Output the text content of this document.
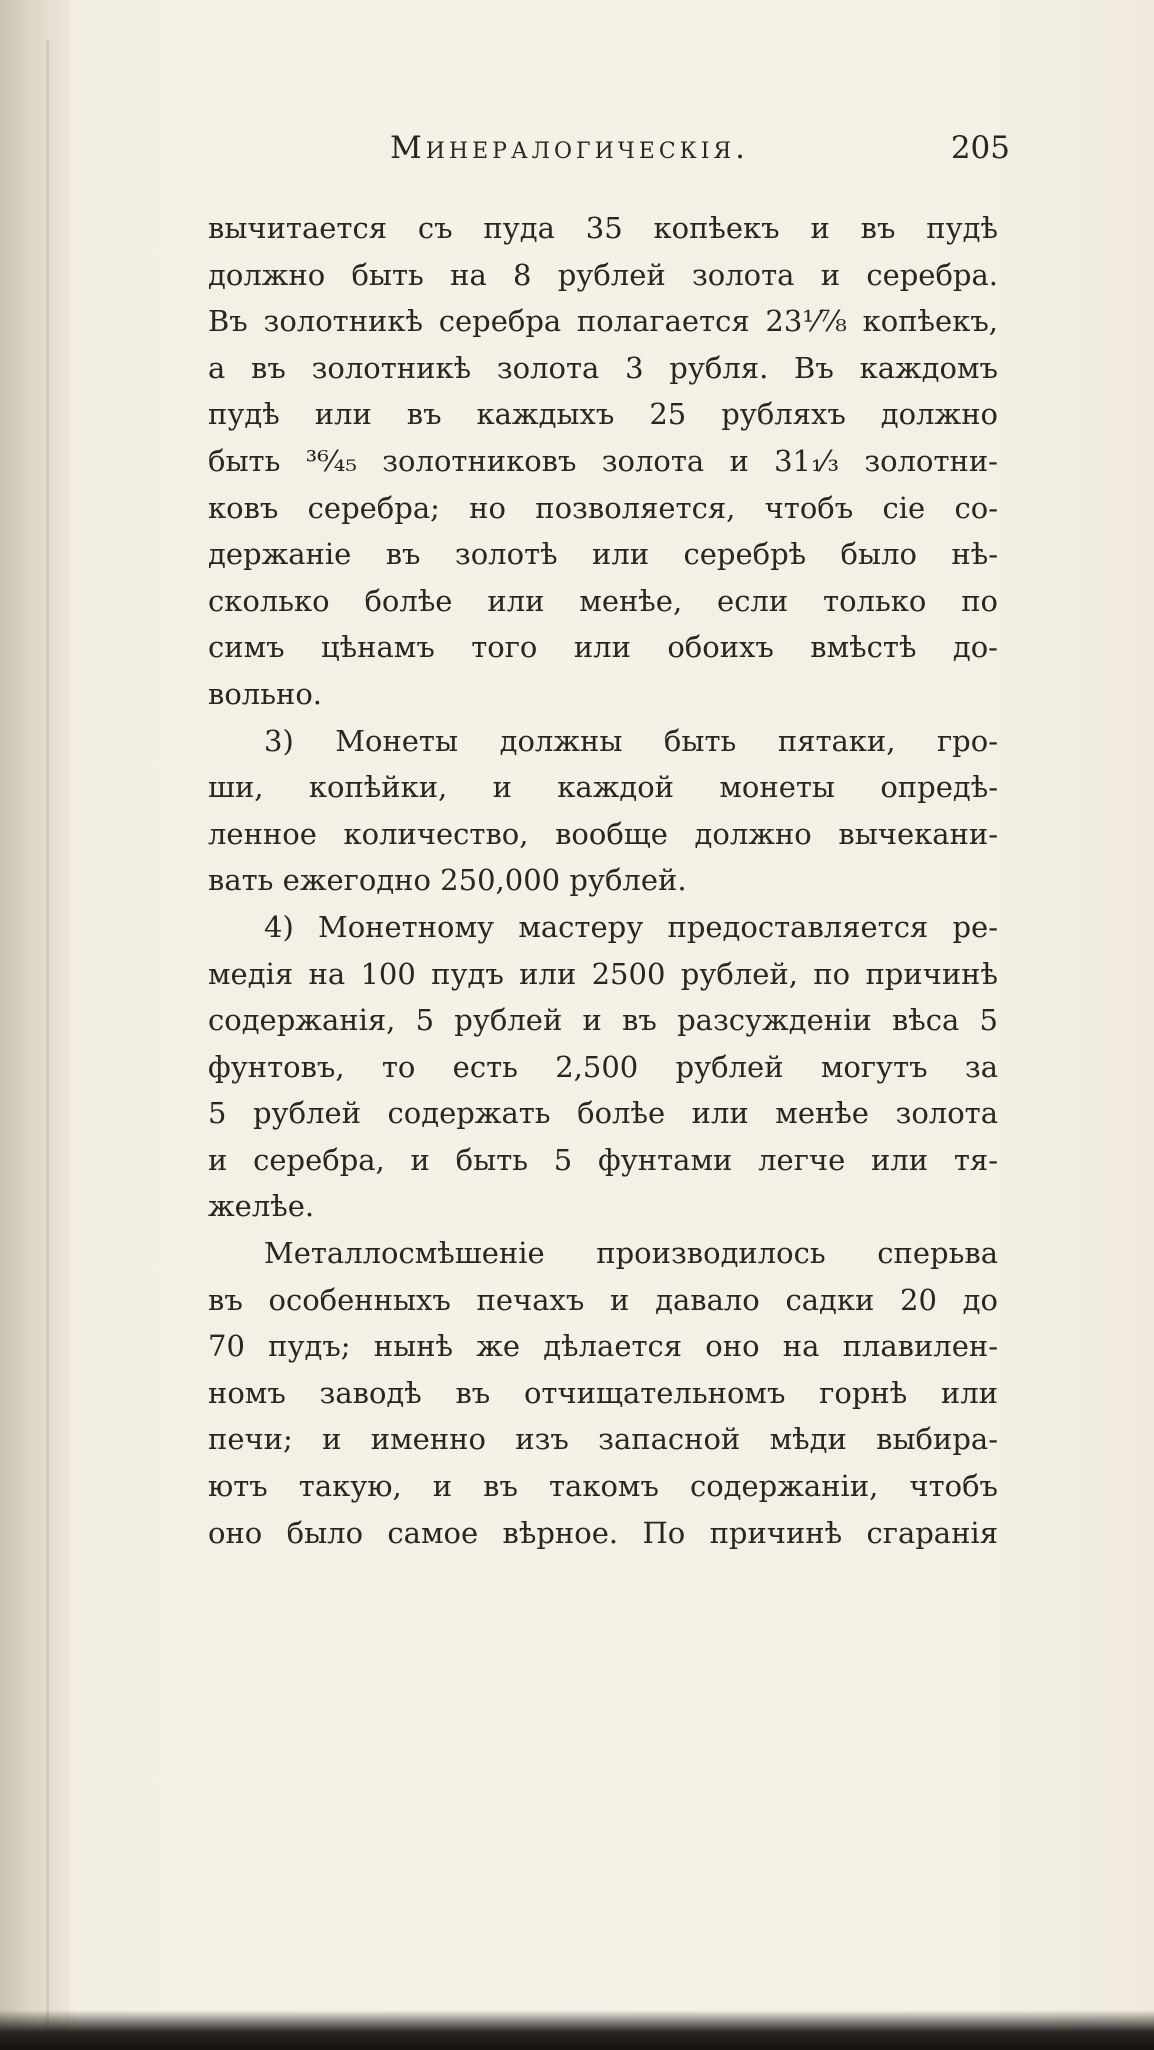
Минералогическія.	205
вычитается съ пуда 35 копѣекъ и въ пудѣ
должно быть на 8 рублей золота и серебра.
Въ золотникѣ серебра полагается 23⅟⅞ копѣекъ,
а въ золотникѣ золота 3 рубля. Въ каждомъ
пудѣ или въ каждыхъ 25 рубляхъ должно
быть ³⁶⁄₄₅ золотниковъ золота и 31₁⁄₃ золотни-
ковъ серебра; но позволяется, чтобъ сіе со-
держаніе въ золотѣ или серебрѣ было нѣ-
сколько болѣе или менѣе, если только по
симъ цѣнамъ того или обоихъ вмѣстѣ до-
вольно.
3) Монеты должны быть пятаки, гро-
ши, копѣйки, и каждой монеты опредѣ-
ленное количество, вообще должно вычекани-
вать ежегодно 250,000 рублей.
4) Монетному мастеру предоставляется ре-
медія на 100 пудъ или 2500 рублей, по причинѣ
содержанія, 5 рублей и въ разсужденіи вѣса 5
фунтовъ, то есть 2,500 рублей могутъ за
5 рублей содержать болѣе или менѣе золота
и серебра, и быть 5 фунтами легче или тя-
желѣе.
Металлосмѣшеніе производилось сперьва
въ особенныхъ печахъ и давало садки 20 до
70 пудъ; нынѣ же дѣлается оно на плавилен-
номъ заводѣ въ отчищательномъ горнѣ или
печи; и именно изъ запасной мѣди выбира-
ютъ такую, и въ такомъ содержаніи, чтобъ
оно было самое вѣрное. По причинѣ сгаранія
